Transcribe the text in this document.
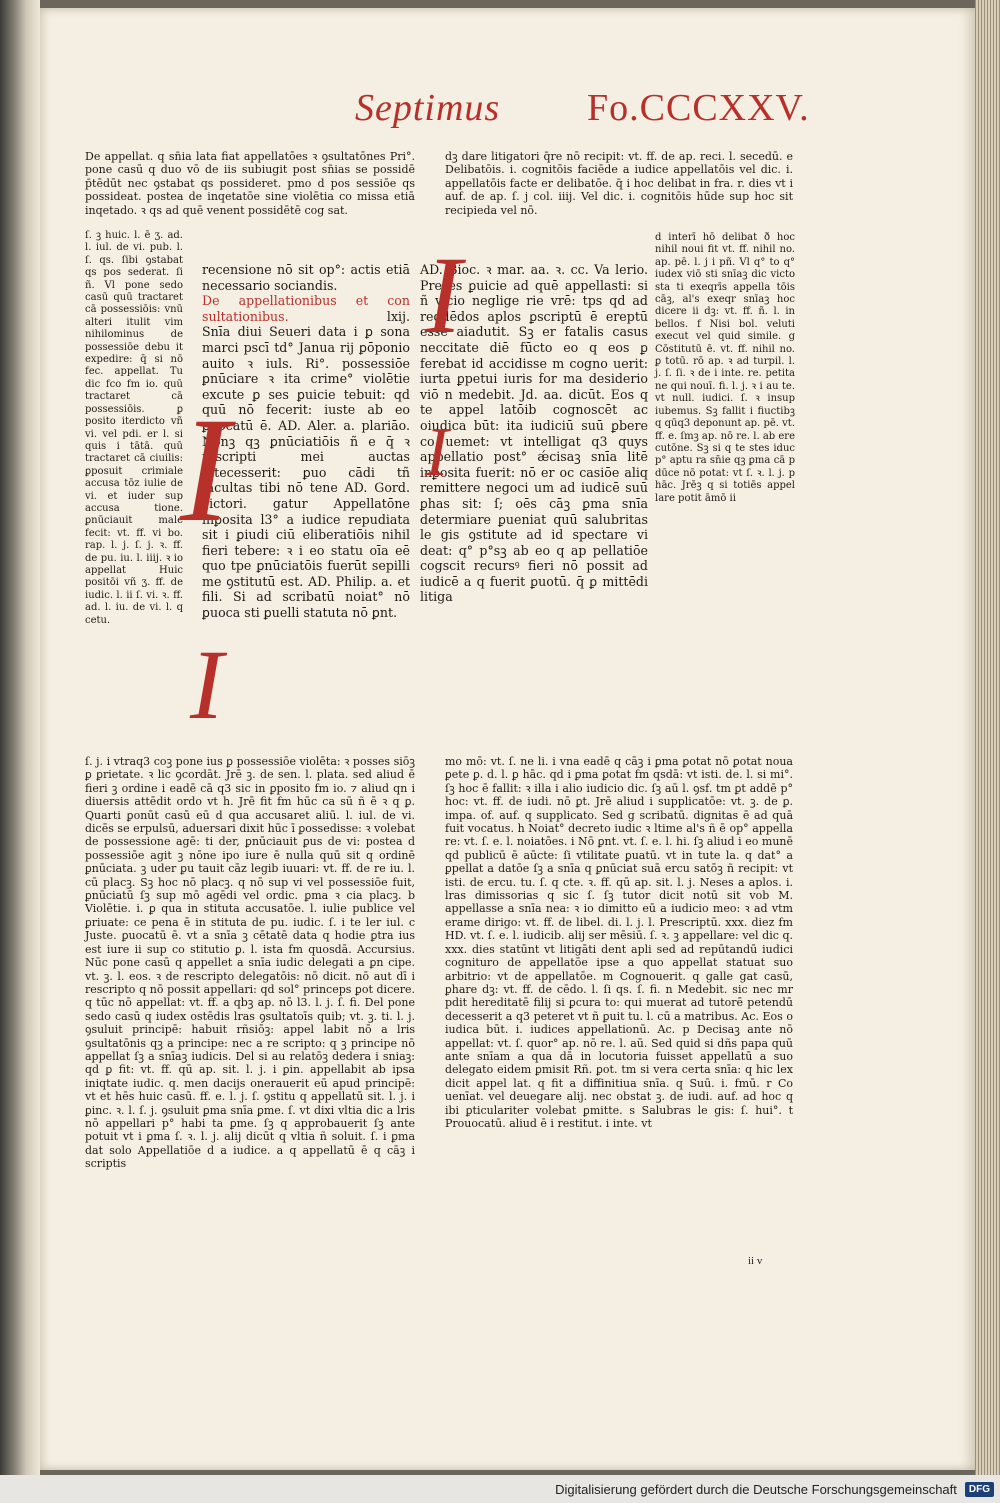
Septimus Fo.CCCXXV.

De appellat. q sn̄ia lata fiat appellatōes ꝛ ꝯsultatōnes Pri°. pone casū q duo vō de iis subiugit post sn̄ias se possidē p̄tēdūt nec ꝯstabat qs possideret. pmo d pos sessiōe qs possideat. postea de inqetatōe sine violētia co missa etiā inqetado. ꝛ qs ad quē venent possidētē cog sat.

ſ. ꝫ huic. l. ē ʒ. ad. l. iul. de vi. pub. l. ſ. qs. ſibi ꝯstabat qs pos sederat. ſi ñ. Vl pone sedo casū quū tractaret cā possessiōis: vnū alteri itulit vim nihilominus de possessiōe debu it expedire: q̄ si nō fec. appellat. Tu dic fco fm io. quū tractaret cā possessiōis. ꝑ posito iterdicto vñ vi. vel pdi. er l. si quis i tātā. quū tractaret cā ciuilis: ꝑposuit crimiale accusa tōz iulie de vi. et iuder sup accusa tione. ꝑnūciauit male fecit: vt. ff. vi bo. rap. l. j. ſ. j. ꝛ. ff. de pu. iu. l. iiij. ꝛ io appellat Huic positōi vñ ʒ. ff. de iudic. l. ii ſ. vi. ꝛ. ff. ad. l. iu. de vi. l. q cetu.

recensione nō sit op°: actis etiā necessario sociandis.

De appellationibus et con sultationibus.	lxij.

Snīa diui Seueri data i ꝑ sona marci pscī td° Janua rij ꝑōponio auito ꝛ iuls. Ri°. possessiōe ꝑnūciare ꝛ ita crime° violētie excute ꝑ ses ꝑuicie tebuit: qd quū nō fecerit: iuste ab eo ꝑuocatū ē. AD. Aler. a. plariāo. Nonꝫ qꝫ ꝑnūciatiōis ñ e q̄ ꝛ rescripti mei auctas intecesserit: ꝑuo cādi tñ facultas tibi nō tene AD. Gord. victori. gatur Appellatōne inꝑosita l3° a iudice repudiata sit i ꝑiudi ciū eliberatiōis nihil fieri tebere: ꝛ i eo statu oīa eē quo tpe ꝑnūciatōis fuerūt sepilli me ꝯstitutū est. AD. Philip. a. et fili. Si ad scribatū noiat° nō ꝑuoca sti ꝑuelli statuta nō ꝑnt.

AD. Bioc. ꝛ mar. aa. ꝛ. cc. Va lerio. Preses ꝑuicie ad quē appellasti: si ñ vicio neglige rie vrē: tps qd ad reddēdos aplos ꝑscriptū ē ereptū esse aiadutit. Sꝫ er fatalis casus neccitate diē fūcto eo q eos ꝑ ferebat id accidisse m cogno uerit: iurta ꝑpetui iuris for ma desiderio viō n medebit. Jd. aa. dicūt. Eos q te appel latōib cognoscēt ac oiudica būt: ita iudiciū suū ꝑbere co uemet: vt intelligat q3 quys appellatio post° ǽcisaꝫ snīa litē inꝑosita fuerit: nō er oc casiōe aliq remittere negoci um ad iudicē suū ꝑhas sit: ſ; oēs cāꝫ ꝑma snīa determiare ꝑueniat quū salubritas le gis ꝯstitute ad id spectare vi deat: q° p°sꝫ ab eo q ap pellatiōe cogscit recursꝰ fieri nō possit ad iudicē a q fuerit ꝑuotū. q̄ ꝑ mittēdi litiga

dꝫ dare litigatori q̄re nō recipit: vt. ff. de ap. reci. l. secedū. e Delibatōis. i. cognitōis faciēde a iudice appellatōis vel dic. i. appellatōis facte er delibatōe. q̄ i hoc delibat in fra. r. dies vt i auf. de ap. ſ. j col. iiij. Vel dic. i. cognitōis hūde sup hoc sit recipieda vel nō.

d interī hō delibat ð hoc nihil noui fit vt. ff. nihil no. ap. pē. l. j i pñ. Vl q° to q° iudex viō sti snīaꝫ dic victo sta ti exeqrīs appella tōis cāꝫ, al's exeqr snīaꝫ hoc dicere ii dꝫ: vt. ff. ñ. l. in bellos. f Nisi bol. veluti execut vel quid simile. g Cōstitutū ē. vt. ff. nihil no. ꝑ totū. rō ap. ꝛ ad turpil. l. j. ſ. ſi. ꝛ de i inte. re. petita ne qui nouī. fi. l. j. ꝛ i au te. vt null. iudici. ſ. ꝛ insup iubemus. Sꝫ fallit i fiuctibꝫ q qūq3 deponunt ap. pē. vt. ff. e. ſmꝫ ap. nō re. l. ab ere cutōne. Sꝫ si q te stes iduc p° aptu ra sn̄ie qꝫ ꝑma cā p dūce nō potat: vt ſ. ꝛ. l. j. p hāc. Jrēꝫ q si totiēs appel lare potit āmō ii

ſ. j. i vtraq3 coꝫ pone ius ꝑ possessiōe violēta: ꝛ posses siōꝫ ꝑ ꝑrietate. ꝛ lic ꝯcordāt. Jrē ꝫ. de sen. l. plata. sed aliud ē fieri ꝫ ordine i eadē cā q3 sic in ꝑposito fm io. ⁊ aliud qn i diuersis attēdit ordo vt h. Jrē fit fm hūc ca sū ñ ē ꝛ q ꝑ. Quarti ꝑonūt casū eū d qua accusaret aliū. l. iul. de vi. dicēs se erpulsū, aduersari dixit hūc ī ꝑossedisse: ꝛ volebat de possessione agē: ti der, ꝑnūciauit ꝑus de vi: postea d possessiōe agit ꝫ nōne ipo iure ē nulla quū sit q ordinē ꝑnūciata. ꝫ uder ꝑu tauit cāz legib iuuari: vt. ff. de re iu. l. cū placꝫ. Sꝫ hoc nō placꝫ. q nō sup vi vel possessiōe fuit, ꝑnūciatū ſꝫ sup mō agēdi vel ordic. ꝑma ꝛ cia placꝫ. b Violētie. i. ꝑ qua in stituta accusatōe. l. iulie publice vel ꝑriuate: ce pena ē in stituta de pu. iudic. ſ. i te ler iul. c Juste. ꝑuocatū ē. vt a snīa ꝫ cētatē data q hodie ꝑtra ius est iure ii sup co stitutio ꝑ. l. ista fm quosdā. Accursius. Nūc pone casū q appellet a snīa iudic delegati a ꝑn cipe. vt. ꝫ. l. eos. ꝛ de rescripto delegatōis: nō dicit. nō aut dī i rescripto q nō possit appellari: qd sol° princeps ꝑot dicere. q tūc nō appellat: vt. ff. a qbꝫ ap. nō l3. l. j. ſ. fi. Del pone sedo casū q iudex ostēdis lras ꝯsultatoīs quib; vt. ꝫ. ti. l. j. ꝯsuluit principē: habuit rñsiōꝫ: appel labit nō a lris ꝯsultatōnis qꝫ a principe: nec a re scripto: q ꝫ principe nō appellat ſꝫ a snīaꝫ iudicis. Del si au relatōꝫ dedera i sniaꝫ: qd ꝑ fit: vt. ff. qū ap. sit. l. j. i ꝑin. appellabit ab ipsa iniqtate iudic. q. men dacijs onerauerit eū apud principē: vt et hēs huic casū. ff. e. l. j. ſ. ꝯstitu q appellatū sit. l. j. i ꝑinc. ꝛ. l. ſ. j. ꝯsuluit ꝑma snīa ꝑme. ſ. vt dixi vltia dic a lris nō appellari p° habi ta ꝑme. ſꝫ q approbauerit ſꝫ ante potuit vt i ꝑma ſ. ꝛ. l. j. alij dicūt q vltia ñ soluit. ſ. i ꝑma dat solo Appellatiōe d a iudice. a q appellatū ē q cāꝫ i scriptis

mo mō: vt. ſ. ne li. i vna eadē q cāꝫ i ꝑma ꝑotat nō ꝑotat noua ꝑete ꝑ. d. l. ꝑ hāc. qd i ꝑma ꝑotat fm qsdā: vt isti. de. l. si mi°. ſꝫ hoc ē fallit: ꝛ illa i alio iudicio dic. ſꝫ aū l. ꝯsf. tm ꝑt addē p° hoc: vt. ff. de iudi. nō ꝑt. Jrē aliud i supplicatōe: vt. ꝫ. de ꝑ. impa. of. auf. q supplicato. Sed g scribatū. dignitas ē ad quā fuit vocatus. h Noiat° decreto iudic ꝛ ltime al's ñ ē op° appella re: vt. ſ. e. l. noiatōes. i Nō ꝑnt. vt. ſ. e. l. hi. ſꝫ aliud i eo munē qd publicū ē aūcte: ſi vtilitate ꝑuatū. vt in tute la. q dat° a ꝑpellat a datōe ſꝫ a snīa q ꝑnūciat suā ercu satōꝫ ñ recipit: vt isti. de ercu. tu. ſ. q cte. ꝛ. ff. qū ap. sit. l. j. Neses a aplos. i. lras dimissorias q sic ſ. ſꝫ tutor dicit notū sit vob M. appellasse a snīa nea: ꝛ io dimitto eū a iudicio meo: ꝛ ad vtm erame dirigo: vt. ff. de libel. di. l. j. l. Prescriptū. xxx. diez fm HD. vt. ſ. e. l. iudicib. alij ser mēsiū. ſ. ꝛ. ꝫ appellare: vel dic q. xxx. dies statūnt vt litigāti dent apli sed ad repūtandū iudici cognituro de appellatōe ipse a quo appellat statuat suo arbitrio: vt de appellatōe. m Cognouerit. q galle gat casū, ꝑhare dꝫ: vt. ff. de cēdo. l. ſi qs. ſ. fi. n Medebit. sic nec mr pdit hereditatē filij si ꝑcura to: qui muerat ad tutorē petendū decesserit a q3 peteret vt ñ ꝑuit tu. l. cū a matribus. Ac. Eos o iudica būt. i. iudices appellationū. Ac. p Decisaꝫ ante nō appellat: vt. ſ. quor° ap. nō re. l. aū. Sed quid si dñs papa quū ante snīam a qua dā in locutoria fuisset appellatū a suo delegato eidem ꝑmisit Rñ. ꝑot. tm si vera certa snīa: q hic lex dicit appel lat. q fit a diffinitiua snīa. q Suū. i. fmū. r Co uenīat. vel deuegare alij. nec obstat ꝫ. de iudi. auf. ad hoc q ibi ꝑticulariter volebat ꝑmitte. s Salubras le gis: ſ. hui°. t Prouocatū. aliud ē i restitut. i inte. vt

ii v
I
I
I
I
Digitalisierung gefördert durch die Deutsche Forschungsgemeinschaft	DFG
